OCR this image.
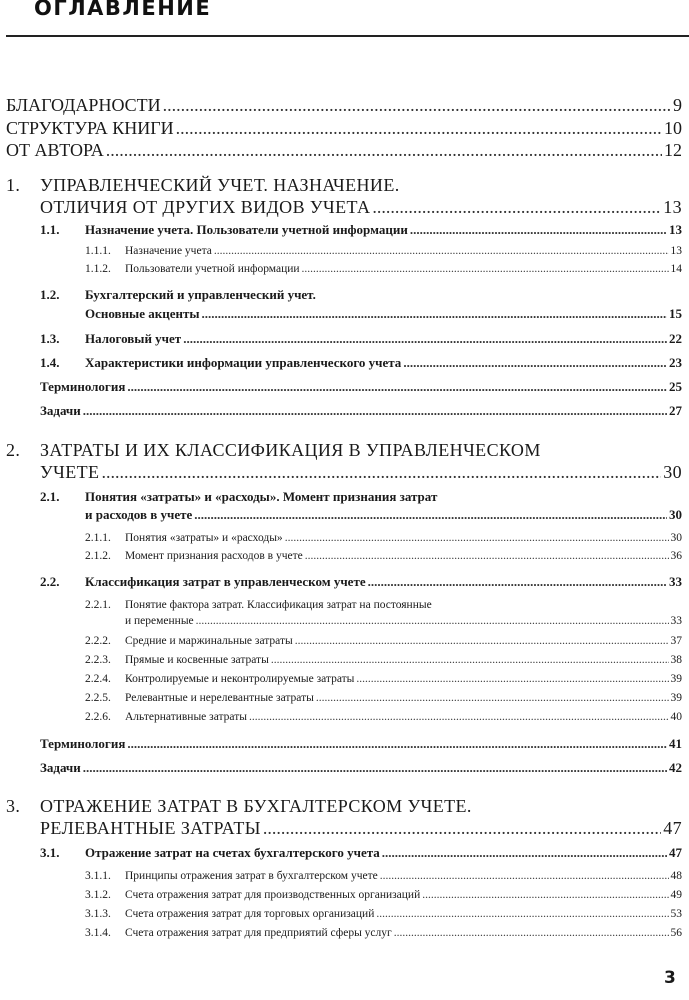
ОГЛАВЛЕНИЕ
БЛАГОДАРНОСТИ .....	9
СТРУКТУРА КНИГИ .....	10
ОТ АВТОРА .....	12
1. УПРАВЛЕНЧЕСКИЙ УЧЕТ. НАЗНАЧЕНИЕ.
ОТЛИЧИЯ ОТ ДРУГИХ ВИДОВ УЧЕТА .....	13
1.1.	Назначение учета. Пользователи учетной информации .....	13
1.1.1.	Назначение учета .....	13
1.1.2.	Пользователи учетной информации .....	14
1.2. Бухгалтерский и управленческий учет.
Основные акценты .....	15
1.3.	Налоговый учет .....	22
1.4.	Характеристики информации управленческого учета .....	23
Терминология .....	25
Задачи .....	27
2. ЗАТРАТЫ И ИХ КЛАССИФИКАЦИЯ В УПРАВЛЕНЧЕСКОМ
УЧЕТЕ .....	30
2.1. Понятия «затраты» и «расходы». Момент признания затрат
и расходов в учете .....	30
2.1.1.	Понятия «затраты» и «расходы» .....	30
2.1.2.	Момент признания расходов в учете .....	36
2.2.	Классификация затрат в управленческом учете .....	33
2.2.1. Понятие фактора затрат. Классификация затрат на постоянные
и переменные .....	33
2.2.2.	Средние и маржинальные затраты .....	37
2.2.3.	Прямые и косвенные затраты .....	38
2.2.4.	Контролируемые и неконтролируемые затраты .....	39
2.2.5.	Релевантные и нерелевантные затраты .....	39
2.2.6.	Альтернативные затраты .....	40
Терминология .....	41
Задачи .....	42
3. ОТРАЖЕНИЕ ЗАТРАТ В БУХГАЛТЕРСКОМ УЧЕТЕ.
РЕЛЕВАНТНЫЕ ЗАТРАТЫ .....	47
3.1.	Отражение затрат на счетах бухгалтерского учета .....	47
3.1.1.	Принципы отражения затрат в бухгалтерском учете .....	48
3.1.2.	Счета отражения затрат для производственных организаций .....	49
3.1.3.	Счета отражения затрат для торговых организаций .....	53
3.1.4.	Счета отражения затрат для предприятий сферы услуг .....	56
3
